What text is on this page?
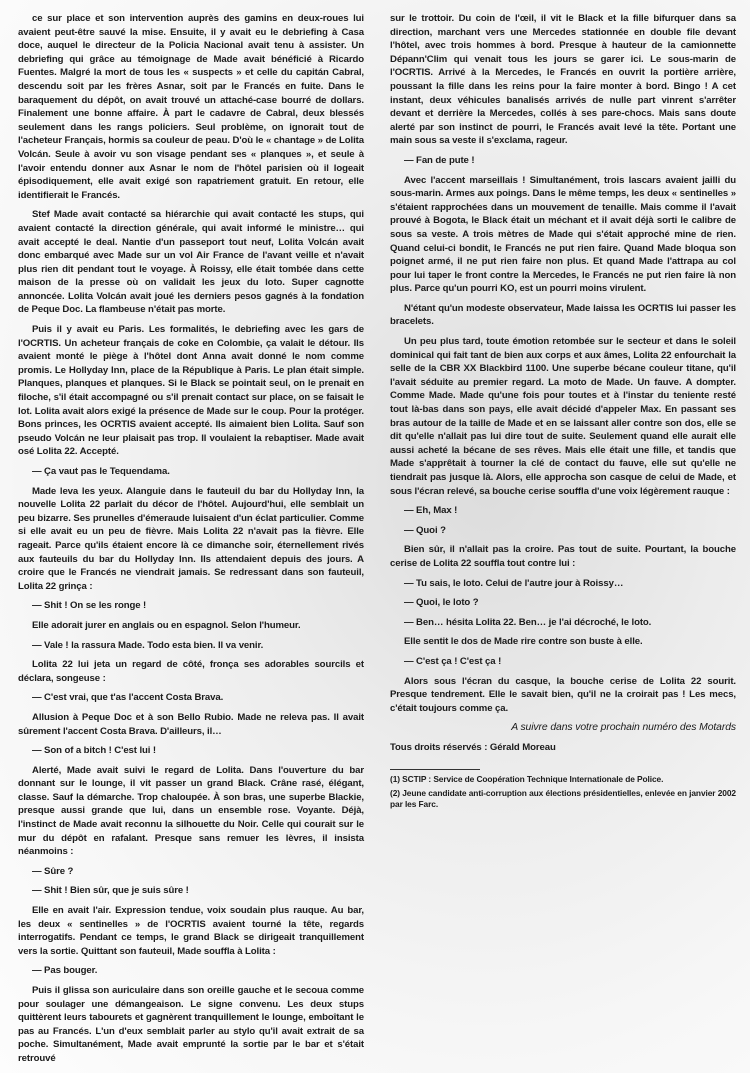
ce sur place et son intervention auprès des gamins en deux-roues lui avaient peut-être sauvé la mise. Ensuite, il y avait eu le debriefing à Casa doce, auquel le directeur de la Policia Nacional avait tenu à assister. Un debriefing qui grâce au témoignage de Made avait bénéficié à Ricardo Fuentes. Malgré la mort de tous les « suspects » et celle du capitán Cabral, descendu soit par les frères Asnar, soit par le Francés en fuite. Dans le baraquement du dépôt, on avait trouvé un attaché-case bourré de dollars. Finalement une bonne affaire. À part le cadavre de Cabral, deux blessés seulement dans les rangs policiers. Seul problème, on ignorait tout de l'acheteur Français, hormis sa couleur de peau. D'où le « chantage » de Lolita Volcán. Seule à avoir vu son visage pendant ses « planques », et seule à l'avoir entendu donner aux Asnar le nom de l'hôtel parisien où il logeait épisodiquement, elle avait exigé son rapatriement gratuit. En retour, elle identifierait le Francés.

Stef Made avait contacté sa hiérarchie qui avait contacté les stups, qui avaient contacté la direction générale, qui avait informé le ministre… qui avait accepté le deal. Nantie d'un passeport tout neuf, Lolita Volcán avait donc embarqué avec Made sur un vol Air France de l'avant veille et n'avait plus rien dit pendant tout le voyage. À Roissy, elle était tombée dans cette maison de la presse où on validait les jeux du loto. Super cagnotte annoncée. Lolita Volcán avait joué les derniers pesos gagnés à la fondation de Peque Doc. La flambeuse n'était pas morte.

Puis il y avait eu Paris. Les formalités, le debriefing avec les gars de l'OCRTIS. Un acheteur français de coke en Colombie, ça valait le détour. Ils avaient monté le piège à l'hôtel dont Anna avait donné le nom comme promis. Le Hollyday Inn, place de la République à Paris. Le plan était simple. Planques, planques et planques. Si le Black se pointait seul, on le prenait en filoche, s'il était accompagné ou s'il prenait contact sur place, on se faisait le lot. Lolita avait alors exigé la présence de Made sur le coup. Pour la protéger. Bons princes, les OCRTIS avaient accepté. Ils aimaient bien Lolita. Sauf son pseudo Volcán ne leur plaisait pas trop. Il voulaient la rebaptiser. Made avait osé Lolita 22. Accepté.

— Ça vaut pas le Tequendama.

Made leva les yeux. Alanguie dans le fauteuil du bar du Hollyday Inn, la nouvelle Lolita 22 parlait du décor de l'hôtel. Aujourd'hui, elle semblait un peu bizarre. Ses prunelles d'émeraude luisaient d'un éclat particulier. Comme si elle avait eu un peu de fièvre. Mais Lolita 22 n'avait pas la fièvre. Elle rageait. Parce qu'ils étaient encore là ce dimanche soir, éternellement rivés aux fauteuils du bar du Hollyday Inn. Ils attendaient depuis des jours. A croire que le Francés ne viendrait jamais. Se redressant dans son fauteuil, Lolita 22 grinça :

— Shit ! On se les ronge !

Elle adorait jurer en anglais ou en espagnol. Selon l'humeur.

— Vale ! la rassura Made. Todo esta bien. Il va venir.

Lolita 22 lui jeta un regard de côté, fronça ses adorables sourcils et déclara, songeuse :

— C'est vrai, que t'as l'accent Costa Brava.

Allusion à Peque Doc et à son Bello Rubio. Made ne releva pas. Il avait sûrement l'accent Costa Brava. D'ailleurs, il…

— Son of a bitch ! C'est lui !

Alerté, Made avait suivi le regard de Lolita. Dans l'ouverture du bar donnant sur le lounge, il vit passer un grand Black. Crâne rasé, élégant, classe. Sauf la démarche. Trop chaloupée. À son bras, une superbe Blackie, presque aussi grande que lui, dans un ensemble rose. Voyante. Déjà, l'instinct de Made avait reconnu la silhouette du Noir. Celle qui courait sur le mur du dépôt en rafalant. Presque sans remuer les lèvres, il insista néanmoins :

— Sûre ?

— Shit ! Bien sûr, que je suis sûre !

Elle en avait l'air. Expression tendue, voix soudain plus rauque. Au bar, les deux « sentinelles » de l'OCRTIS avaient tourné la tête, regards interrogatifs. Pendant ce temps, le grand Black se dirigeait tranquillement vers la sortie. Quittant son fauteuil, Made souffla à Lolita :

— Pas bouger.

Puis il glissa son auriculaire dans son oreille gauche et le secoua comme pour soulager une démangeaison. Le signe convenu. Les deux stups quittèrent leurs tabourets et gagnèrent tranquillement le lounge, emboîtant le pas au Francés. L'un d'eux semblait parler au stylo qu'il avait extrait de sa poche. Simultanément, Made avait emprunté la sortie par le bar et s'était retrouvé

sur le trottoir. Du coin de l'œil, il vit le Black et la fille bifurquer dans sa direction, marchant vers une Mercedes stationnée en double file devant l'hôtel, avec trois hommes à bord. Presque à hauteur de la camionnette Dépann'Clim qui venait tous les jours se garer ici. Le sous-marin de l'OCRTIS. Arrivé à la Mercedes, le Francés en ouvrit la portière arrière, poussant la fille dans les reins pour la faire monter à bord. Bingo ! A cet instant, deux véhicules banalisés arrivés de nulle part vinrent s'arrêter devant et derrière la Mercedes, collés à ses pare-chocs. Mais sans doute alerté par son instinct de pourri, le Francés avait levé la tête. Portant une main sous sa veste il s'exclama, rageur.

— Fan de pute !

Avec l'accent marseillais ! Simultanément, trois lascars avaient jailli du sous-marin. Armes aux poings. Dans le même temps, les deux « sentinelles » s'étaient rapprochées dans un mouvement de tenaille. Mais comme il l'avait prouvé à Bogota, le Black était un méchant et il avait déjà sorti le calibre de sous sa veste. A trois mètres de Made qui s'était approché mine de rien. Quand celui-ci bondit, le Francés ne put rien faire. Quand Made bloqua son poignet armé, il ne put rien faire non plus. Et quand Made l'attrapa au col pour lui taper le front contre la Mercedes, le Francés ne put rien faire là non plus. Parce qu'un pourri KO, est un pourri moins virulent.

N'étant qu'un modeste observateur, Made laissa les OCRTIS lui passer les bracelets.

Un peu plus tard, toute émotion retombée sur le secteur et dans le soleil dominical qui fait tant de bien aux corps et aux âmes, Lolita 22 enfourchait la selle de la CBR XX Blackbird 1100. Une superbe bécane couleur titane, qu'il l'avait séduite au premier regard. La moto de Made. Un fauve. A dompter. Comme Made. Made qu'une fois pour toutes et à l'instar du teniente resté tout là-bas dans son pays, elle avait décidé d'appeler Max. En passant ses bras autour de la taille de Made et en se laissant aller contre son dos, elle se dit qu'elle n'allait pas lui dire tout de suite. Seulement quand elle aurait elle aussi acheté la bécane de ses rêves. Mais elle était une fille, et tandis que Made s'apprêtait à tourner la clé de contact du fauve, elle sut qu'elle ne tiendrait pas jusque là. Alors, elle approcha son casque de celui de Made, et sous l'écran relevé, sa bouche cerise souffla d'une voix légèrement rauque :

— Eh, Max !

— Quoi ?

Bien sûr, il n'allait pas la croire. Pas tout de suite. Pourtant, la bouche cerise de Lolita 22 souffla tout contre lui :

— Tu sais, le loto. Celui de l'autre jour à Roissy…

— Quoi, le loto ?

— Ben… hésita Lolita 22. Ben… je l'ai décroché, le loto.

Elle sentit le dos de Made rire contre son buste à elle.

— C'est ça ! C'est ça !

Alors sous l'écran du casque, la bouche cerise de Lolita 22 sourit. Presque tendrement. Elle le savait bien, qu'il ne la croirait pas ! Les mecs, c'était toujours comme ça.

A suivre dans votre prochain numéro des Motards

Tous droits réservés : Gérald Moreau

(1) SCTIP : Service de Coopération Technique Internationale de Police.

(2) Jeune candidate anti-corruption aux élections présidentielles, enlevée en janvier 2002 par les Farc.
